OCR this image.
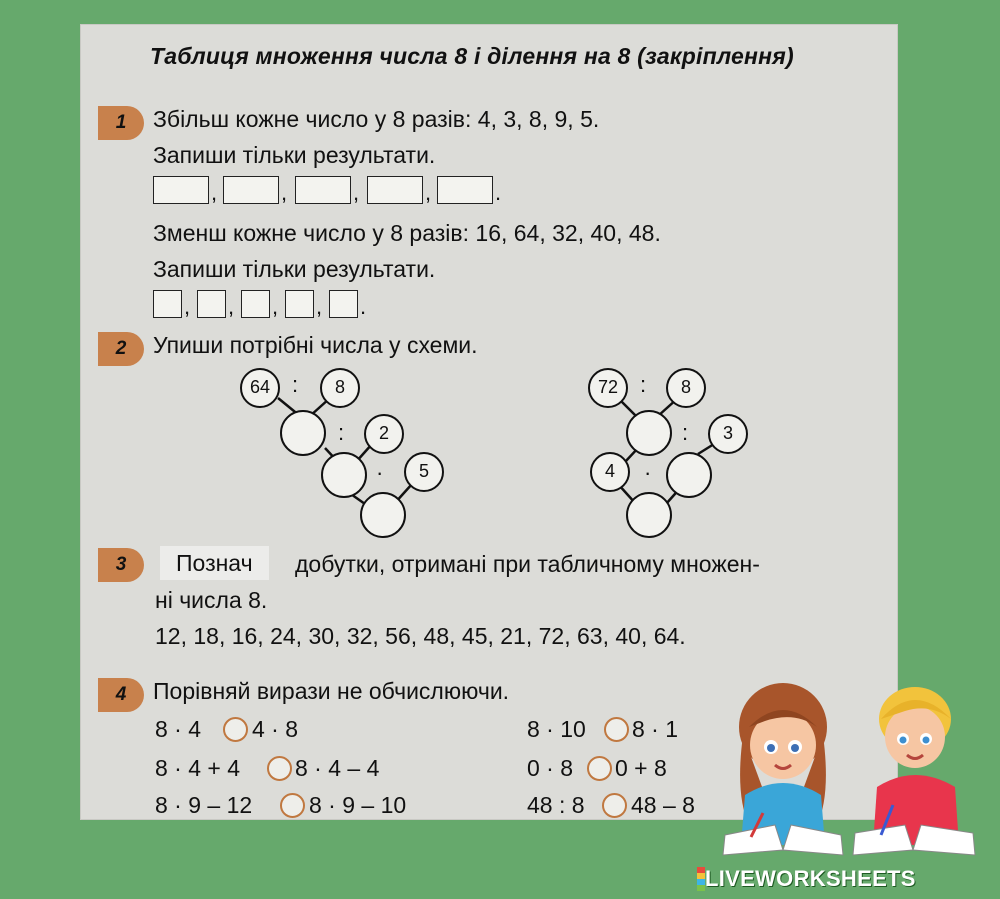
Таблиця множення числа 8 і ділення на 8 (закріплення)
1	Збільш кожне число у 8 разів: 4, 3, 8, 9, 5.
Запиши тільки результати.
,	,	,	,	.
Зменш кожне число у 8 разів: 16, 64, 32, 40, 48.
Запиши тільки результати.
, , , , .
2	Упиши потрібні числа у схеми.
64 :	8
:	2
·	5
72 :	8
:	3
4	·
3	Познач	добутки, отримані при табличному множен-
ні числа 8.
12, 18, 16, 24, 30, 32, 56, 48, 45, 21, 72, 63, 40, 64.
4	Порівняй вирази не обчислюючи.
8 · 4 4 · 8
8 · 4 + 4 8 · 4 – 4
8 · 9 – 12 8 · 9 – 10
8 · 10 8 · 1
0 · 8 0 + 8
48 : 8 48 – 8
LIVEWORKSHEETS
